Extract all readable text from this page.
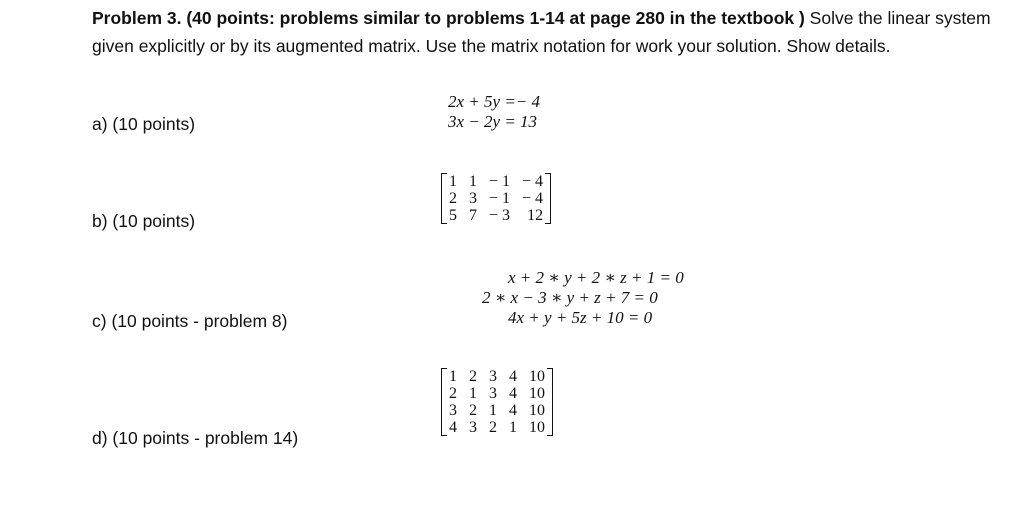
Problem 3. (40 points: problems similar to problems 1-14 at page 280 in the textbook ) Solve the linear system given explicitly or by its augmented matrix. Use the matrix notation for work your solution. Show details.
a) (10 points)
2x + 5y =− 4
3x − 2y = 13
b) (10 points)
1	1	− 1	− 4
2	3	− 1	− 4
5	7	− 3	12
c) (10 points - problem 8)
x + 2 ∗ y + 2 ∗ z + 1 = 0
2 ∗ x − 3 ∗ y + z + 7 = 0
4x + y + 5z + 10 = 0
d) (10 points - problem 14)
1	2	3	4	10
2	1	3	4	10
3	2	1	4	10
4	3	2	1	10
